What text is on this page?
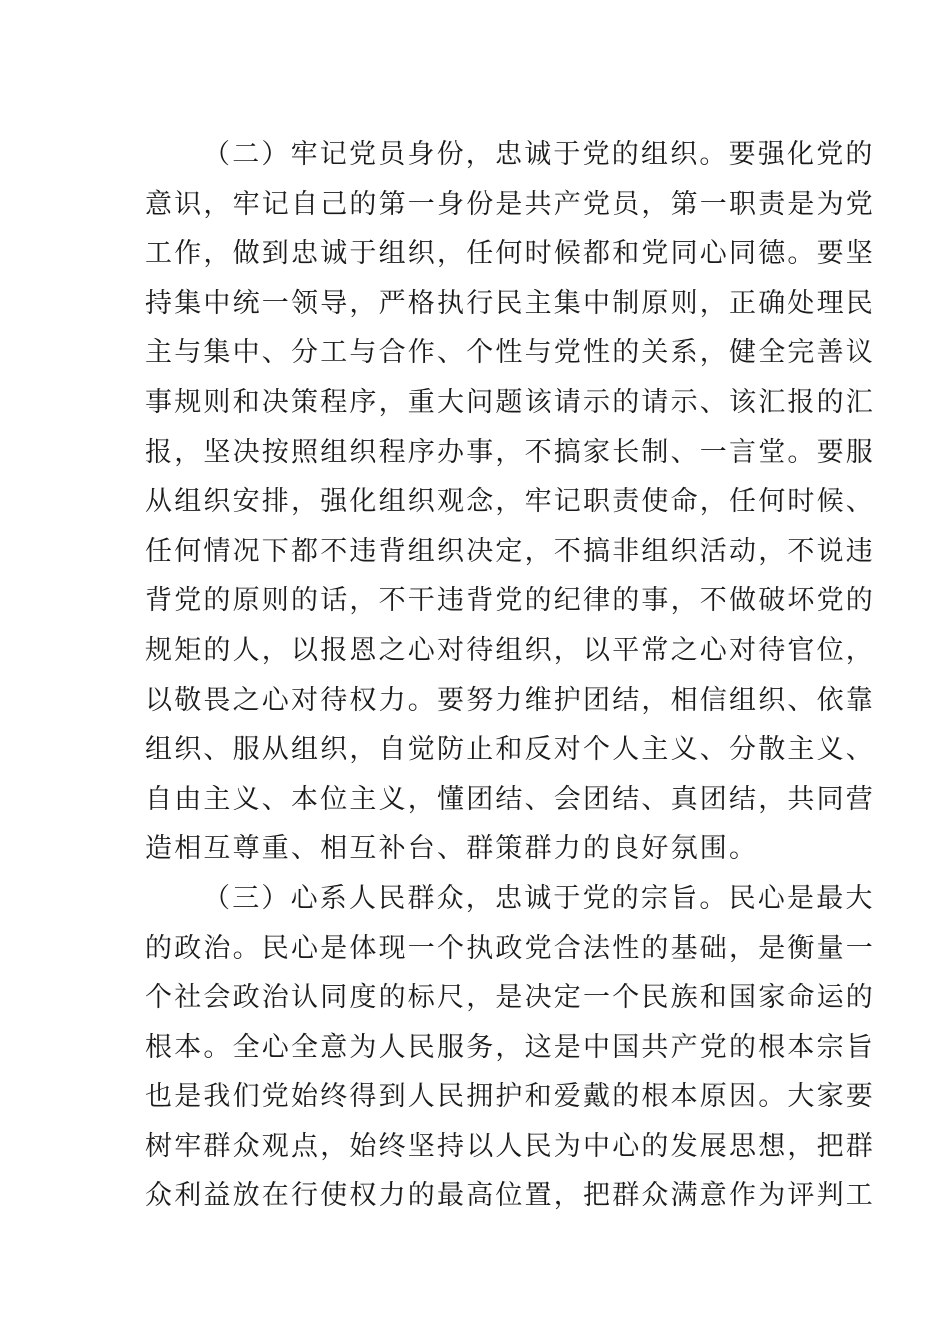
（二）牢记党员身份，忠诚于党的组织。要强化党的
意识，牢记自己的第一身份是共产党员，第一职责是为党
工作，做到忠诚于组织，任何时候都和党同心同德。要坚
持集中统一领导，严格执行民主集中制原则，正确处理民
主与集中、分工与合作、个性与党性的关系，健全完善议
事规则和决策程序，重大问题该请示的请示、该汇报的汇
报，坚决按照组织程序办事，不搞家长制、一言堂。要服
从组织安排，强化组织观念，牢记职责使命，任何时候、
任何情况下都不违背组织决定，不搞非组织活动，不说违
背党的原则的话，不干违背党的纪律的事，不做破坏党的
规矩的人，以报恩之心对待组织，以平常之心对待官位，
以敬畏之心对待权力。要努力维护团结，相信组织、依靠
组织、服从组织，自觉防止和反对个人主义、分散主义、
自由主义、本位主义，懂团结、会团结、真团结，共同营
造相互尊重、相互补台、群策群力的良好氛围。
（三）心系人民群众，忠诚于党的宗旨。民心是最大
的政治。民心是体现一个执政党合法性的基础，是衡量一
个社会政治认同度的标尺，是决定一个民族和国家命运的
根本。全心全意为人民服务，这是中国共产党的根本宗旨
也是我们党始终得到人民拥护和爱戴的根本原因。大家要
树牢群众观点，始终坚持以人民为中心的发展思想，把群
众利益放在行使权力的最高位置，把群众满意作为评判工
